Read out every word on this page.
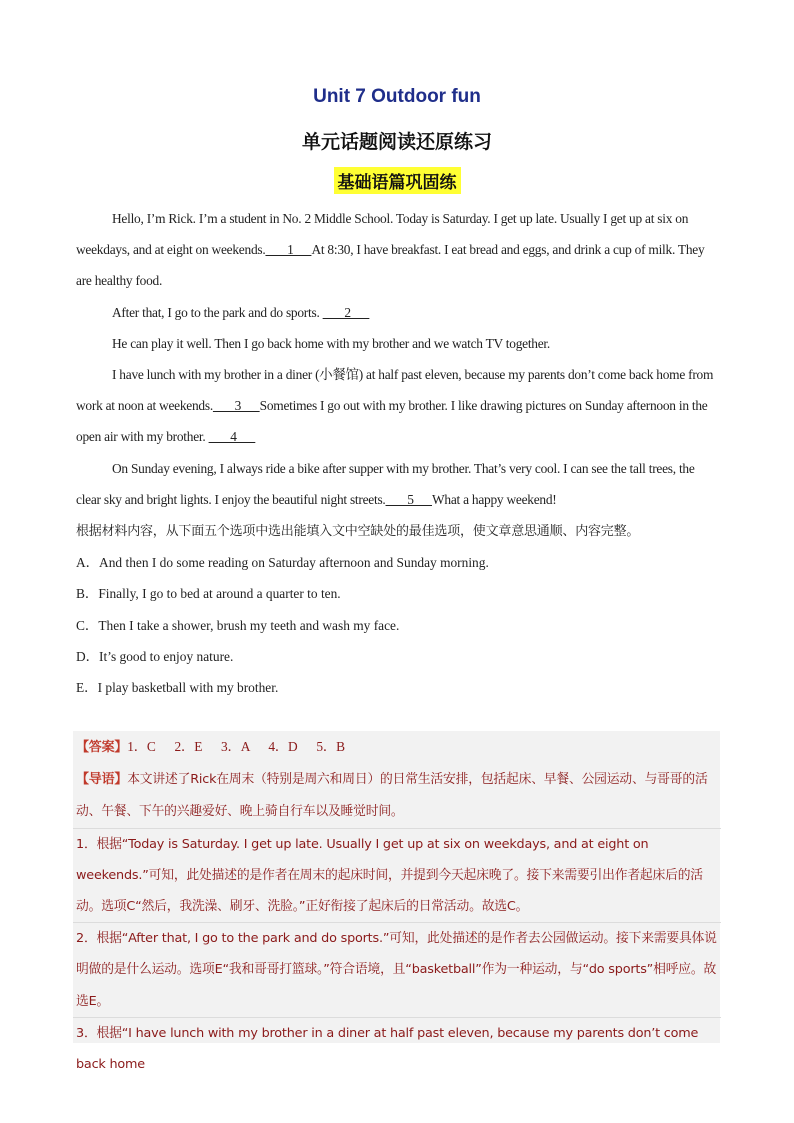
Unit 7 Outdoor fun
单元话题阅读还原练习
基础语篇巩固练

Hello, I’m Rick. I’m a student in No. 2 Middle School. Today is Saturday. I get up late. Usually I get up at six on weekdays, and at eight on weekends.       1      At 8:30, I have breakfast. I eat bread and eggs, and drink a cup of milk. They are healthy food.

After that, I go to the park and do sports.        2

He can play it well. Then I go back home with my brother and we watch TV together.

I have lunch with my brother in a diner (小餐馆) at half past eleven, because my parents don’t come back home from work at noon at weekends.       3      Sometimes I go out with my brother. I like drawing pictures on Sunday afternoon in the open air with my brother.        4

On Sunday evening, I always ride a bike after supper with my brother. That’s very cool. I can see the tall trees, the clear sky and bright lights. I enjoy the beautiful night streets.       5      What a happy weekend!

根据材料内容，从下面五个选项中选出能填入文中空缺处的最佳选项，使文章意思通顺、内容完整。

A．And then I do some reading on Saturday afternoon and Sunday morning.

B．Finally, I go to bed at around a quarter to ten.

C．Then I take a shower, brush my teeth and wash my face.

D．It’s good to enjoy nature.

E．I play basketball with my brother.

【答案】1．C      2．E      3．A      4．D      5．B

【导语】本文讲述了Rick在周末（特别是周六和周日）的日常生活安排，包括起床、早餐、公园运动、与哥哥的活动、午餐、下午的兴趣爱好、晚上骑自行车以及睡觉时间。

1．根据“Today is Saturday. I get up late. Usually I get up at six on weekdays, and at eight on weekends.”可知，此处描述的是作者在周末的起床时间，并提到今天起床晚了。接下来需要引出作者起床后的活动。选项C“然后，我洗澡、刷牙、洗脸。”正好衔接了起床后的日常活动。故选C。

2．根据“After that, I go to the park and do sports.”可知，此处描述的是作者去公园做运动。接下来需要具体说明做的是什么运动。选项E“我和哥哥打篮球。”符合语境，且“basketball”作为一种运动，与“do sports”相呼应。故选E。

3．根据“I have lunch with my brother in a diner at half past eleven, because my parents don’t come back home
